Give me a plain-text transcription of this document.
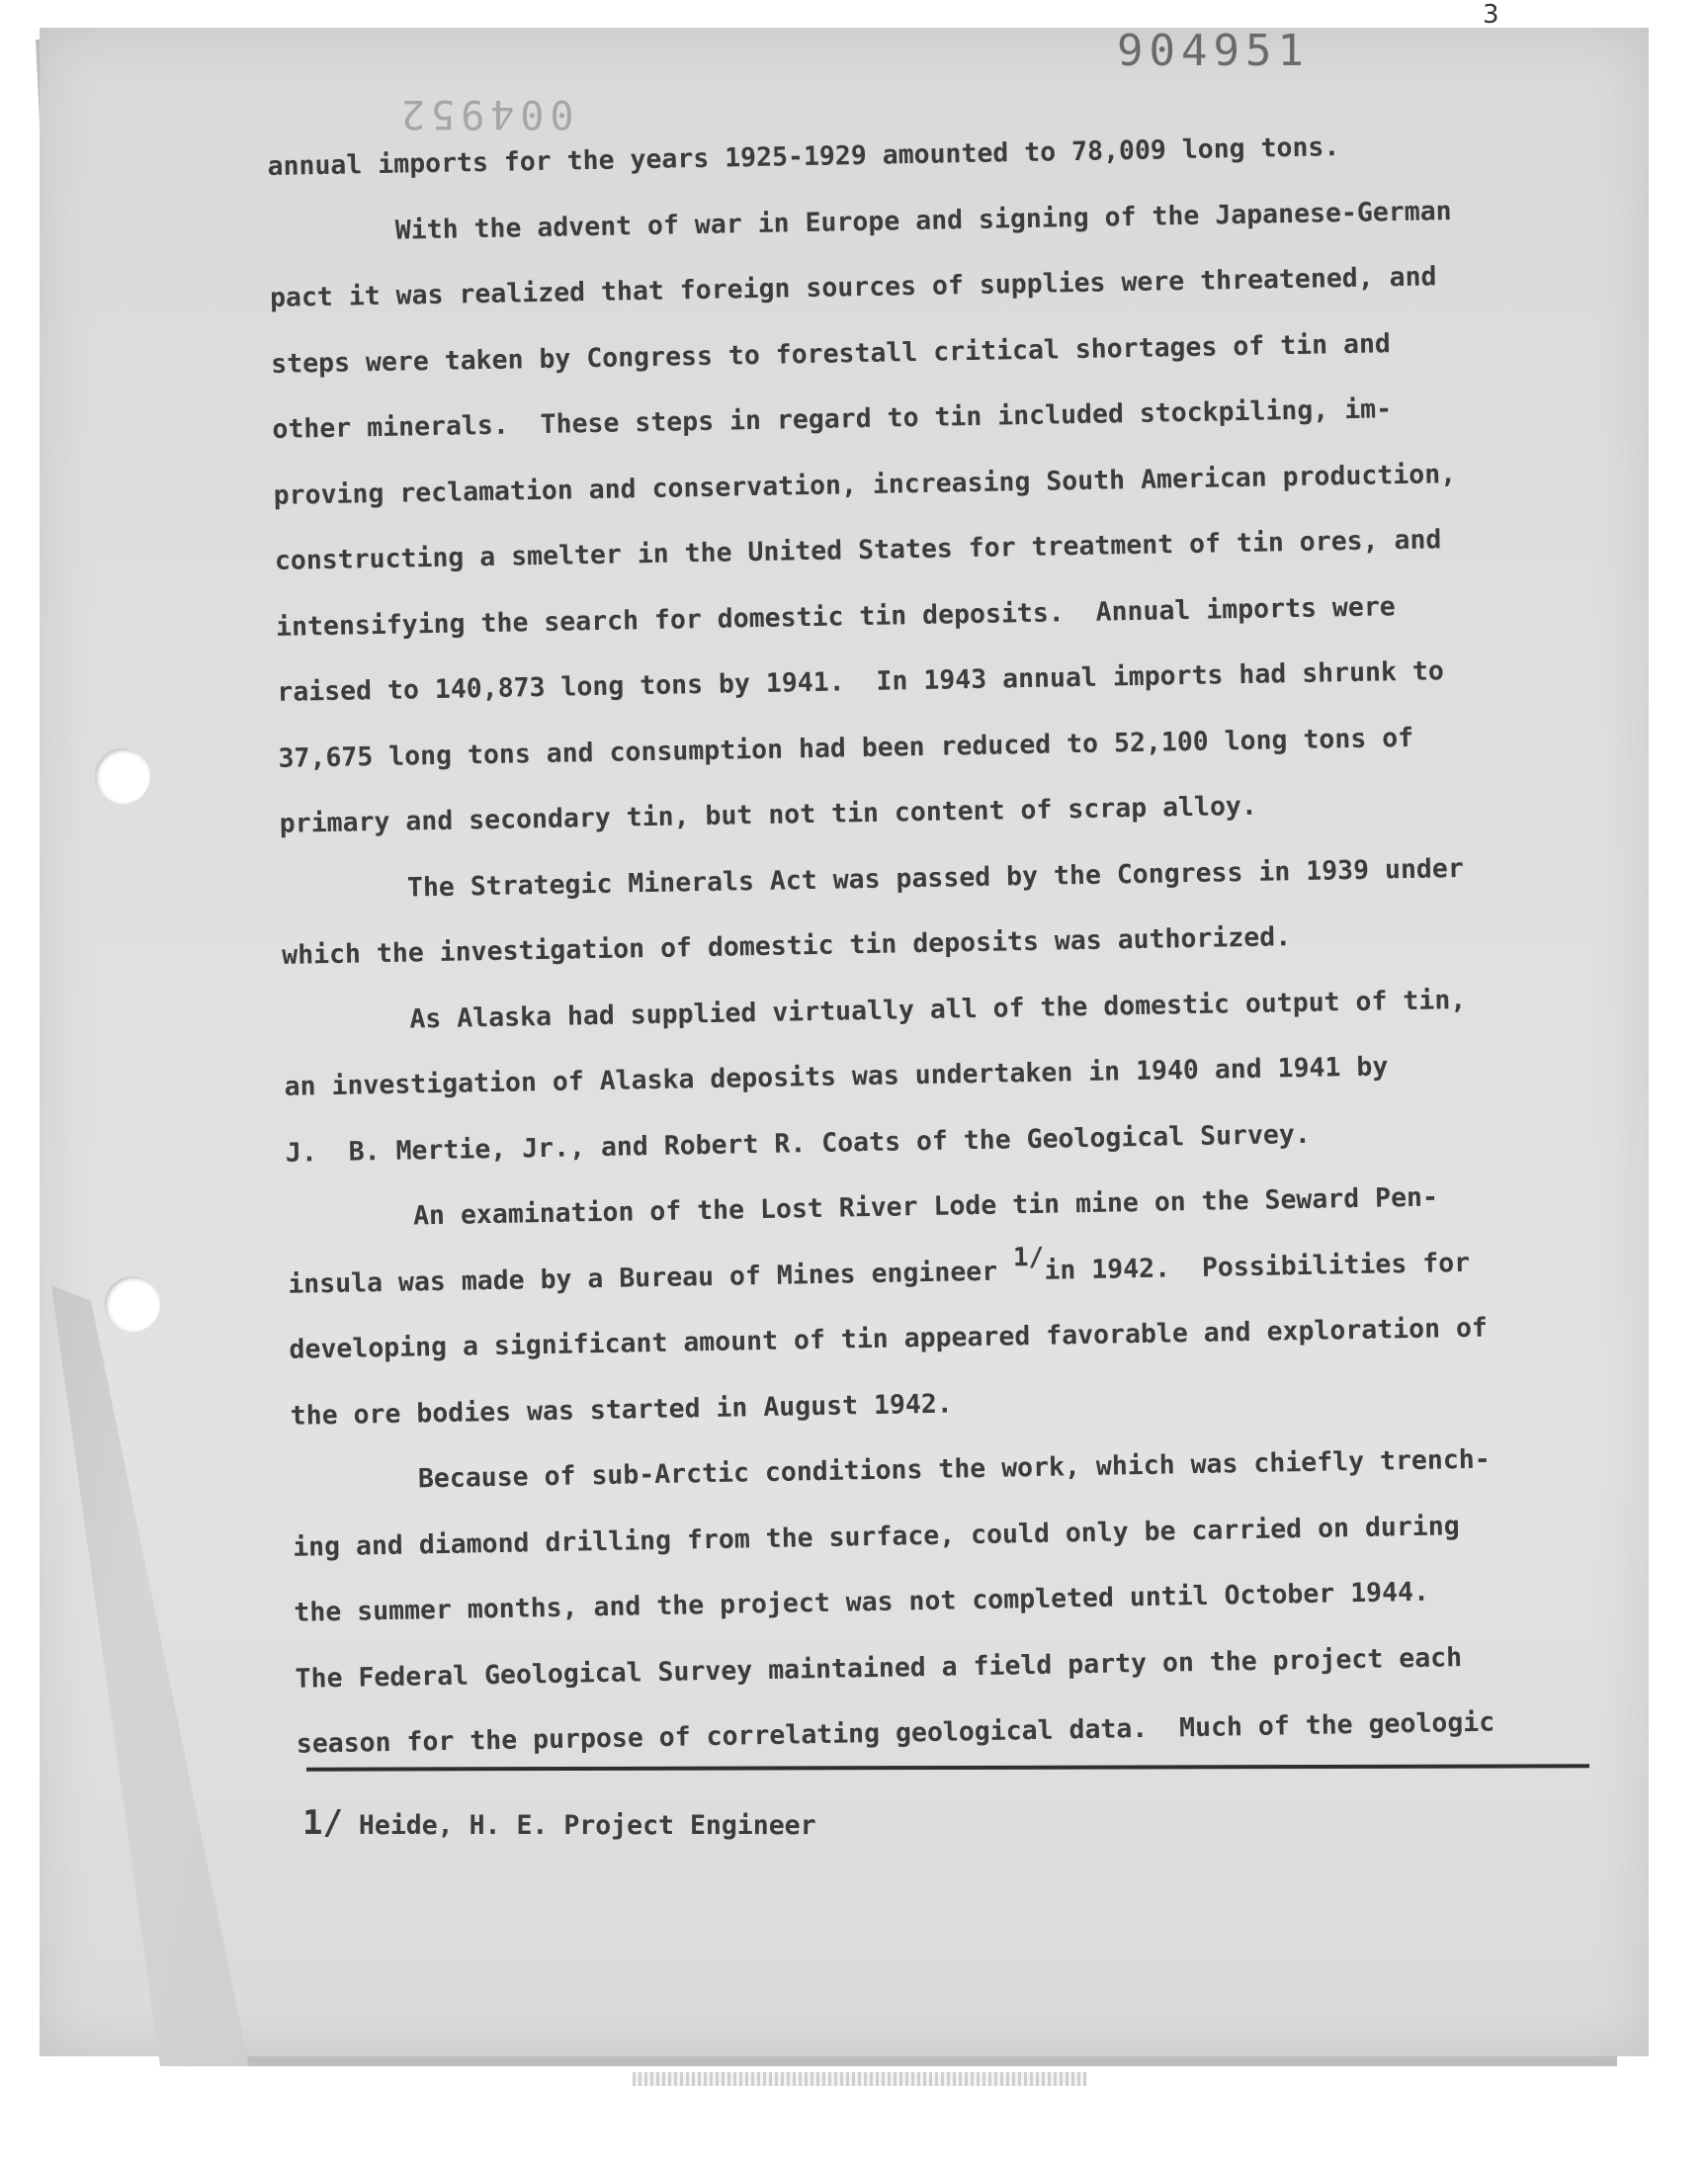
3
904951
004952
annual imports for the years 1925-1929 amounted to 78,009 long tons.
With the advent of war in Europe and signing of the Japanese-German
pact it was realized that foreign sources of supplies were threatened, and
steps were taken by Congress to forestall critical shortages of tin and
other minerals.  These steps in regard to tin included stockpiling, im-
proving reclamation and conservation, increasing South American production,
constructing a smelter in the United States for treatment of tin ores, and
intensifying the search for domestic tin deposits.  Annual imports were
raised to 140,873 long tons by 1941.  In 1943 annual imports had shrunk to
37,675 long tons and consumption had been reduced to 52,100 long tons of
primary and secondary tin, but not tin content of scrap alloy.
The Strategic Minerals Act was passed by the Congress in 1939 under
which the investigation of domestic tin deposits was authorized.
As Alaska had supplied virtually all of the domestic output of tin,
an investigation of Alaska deposits was undertaken in 1940 and 1941 by
J.  B. Mertie, Jr., and Robert R. Coats of the Geological Survey.
An examination of the Lost River Lode tin mine on the Seward Pen-
insula was made by a Bureau of Mines engineer $^{1/}$in 1942.  Possibilities for
developing a significant amount of tin appeared favorable and exploration of
the ore bodies was started in August 1942.
Because of sub-Arctic conditions the work, which was chiefly trench-
ing and diamond drilling from the surface, could only be carried on during
the summer months, and the project was not completed until October 1944.
The Federal Geological Survey maintained a field party on the project each
season for the purpose of correlating geological data.  Much of the geologic
1/ Heide, H. E. Project Engineer
